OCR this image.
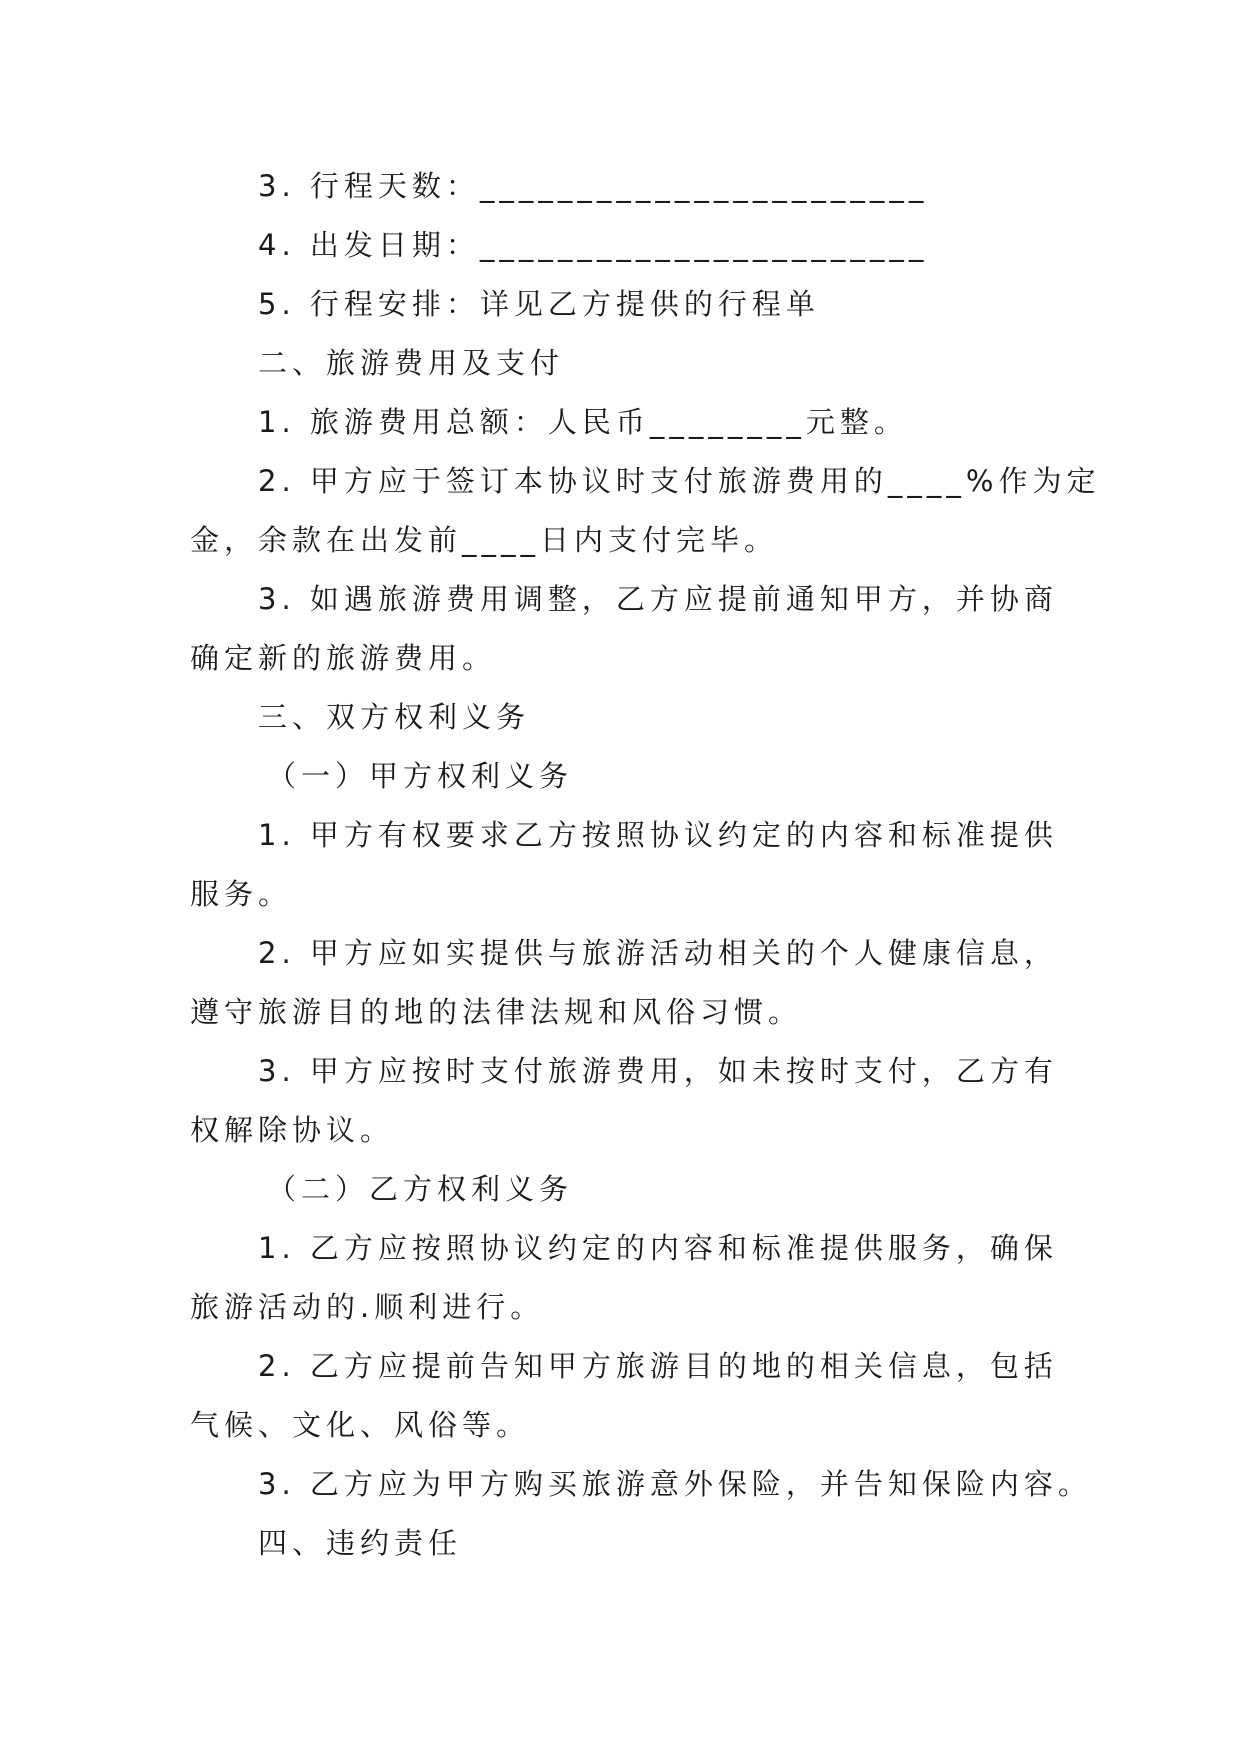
3. 行程天数：_______________________
4. 出发日期：_______________________
5. 行程安排：详见乙方提供的行程单
二、旅游费用及支付
1. 旅游费用总额：人民币________元整。
2. 甲方应于签订本协议时支付旅游费用的____%作为定
金，余款在出发前____日内支付完毕。
3. 如遇旅游费用调整，乙方应提前通知甲方，并协商
确定新的旅游费用。
三、双方权利义务
（一）甲方权利义务
1. 甲方有权要求乙方按照协议约定的内容和标准提供
服务。
2. 甲方应如实提供与旅游活动相关的个人健康信息，
遵守旅游目的地的法律法规和风俗习惯。
3. 甲方应按时支付旅游费用，如未按时支付，乙方有
权解除协议。
（二）乙方权利义务
1. 乙方应按照协议约定的内容和标准提供服务，确保
旅游活动的.顺利进行。
2. 乙方应提前告知甲方旅游目的地的相关信息，包括
气候、文化、风俗等。
3. 乙方应为甲方购买旅游意外保险，并告知保险内容。
四、违约责任
